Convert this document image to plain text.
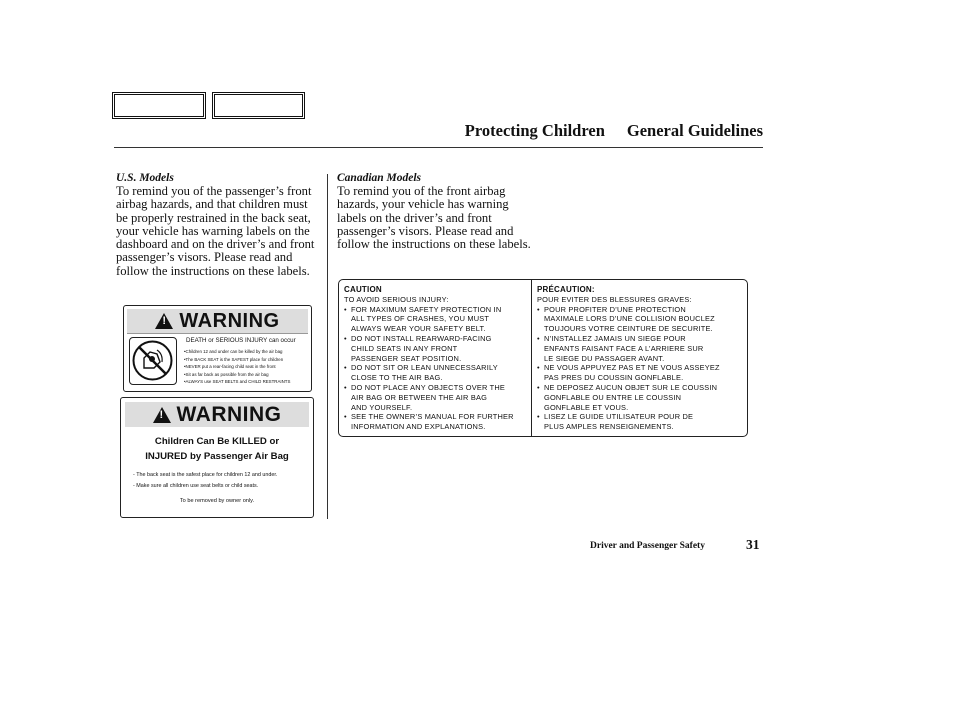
Protecting Children General Guidelines
U.S. Models
To remind you of the passenger’s front airbag hazards, and that children must be properly restrained in the back seat, your vehicle has warning labels on the dashboard and on the driver’s and front passenger’s visors. Please read and follow the instructions on these labels.
Canadian Models
To remind you of the front airbag hazards, your vehicle has warning labels on the driver’s and front passenger’s visors. Please read and follow the instructions on these labels.
!
WARNING
DEATH or SERIOUS INJURY can occur
• Children 12 and under can be killed by the air bag
• The BACK SEAT is the SAFEST place for children
• NEVER put a rear-facing child seat in the front
• Sit as far back as possible from the air bag
• ALWAYS use SEAT BELTS and CHILD RESTRAINTS
!
WARNING
Children Can Be KILLED or
INJURED by Passenger Air Bag
- The back seat is the safest place for children 12 and under.
- Make sure all children use seat belts or child seats.
To be removed by owner only.
CAUTION
TO AVOID SERIOUS INJURY:
• FOR MAXIMUM SAFETY PROTECTION IN
ALL TYPES OF CRASHES, YOU MUST
ALWAYS WEAR YOUR SAFETY BELT.
• DO NOT INSTALL REARWARD-FACING
CHILD SEATS IN ANY FRONT
PASSENGER SEAT POSITION.
• DO NOT SIT OR LEAN UNNECESSARILY
CLOSE TO THE AIR BAG.
• DO NOT PLACE ANY OBJECTS OVER THE
AIR BAG OR BETWEEN THE AIR BAG
AND YOURSELF.
• SEE THE OWNER’S MANUAL FOR FURTHER
INFORMATION AND EXPLANATIONS.
PRÉCAUTION:
POUR EVITER DES BLESSURES GRAVES:
• POUR PROFITER D’UNE PROTECTION
MAXIMALE LORS D’UNE COLLISION BOUCLEZ
TOUJOURS VOTRE CEINTURE DE SECURITE.
• N’INSTALLEZ JAMAIS UN SIEGE POUR
ENFANTS FAISANT FACE A L’ARRIERE SUR
LE SIEGE DU PASSAGER AVANT.
• NE VOUS APPUYEZ PAS ET NE VOUS ASSEYEZ
PAS PRES DU COUSSIN GONFLABLE.
• NE DEPOSEZ AUCUN OBJET SUR LE COUSSIN
GONFLABLE OU ENTRE LE COUSSIN
GONFLABLE ET VOUS.
• LISEZ LE GUIDE UTILISATEUR POUR DE
PLUS AMPLES RENSEIGNEMENTS.
Driver and Passenger Safety	31
